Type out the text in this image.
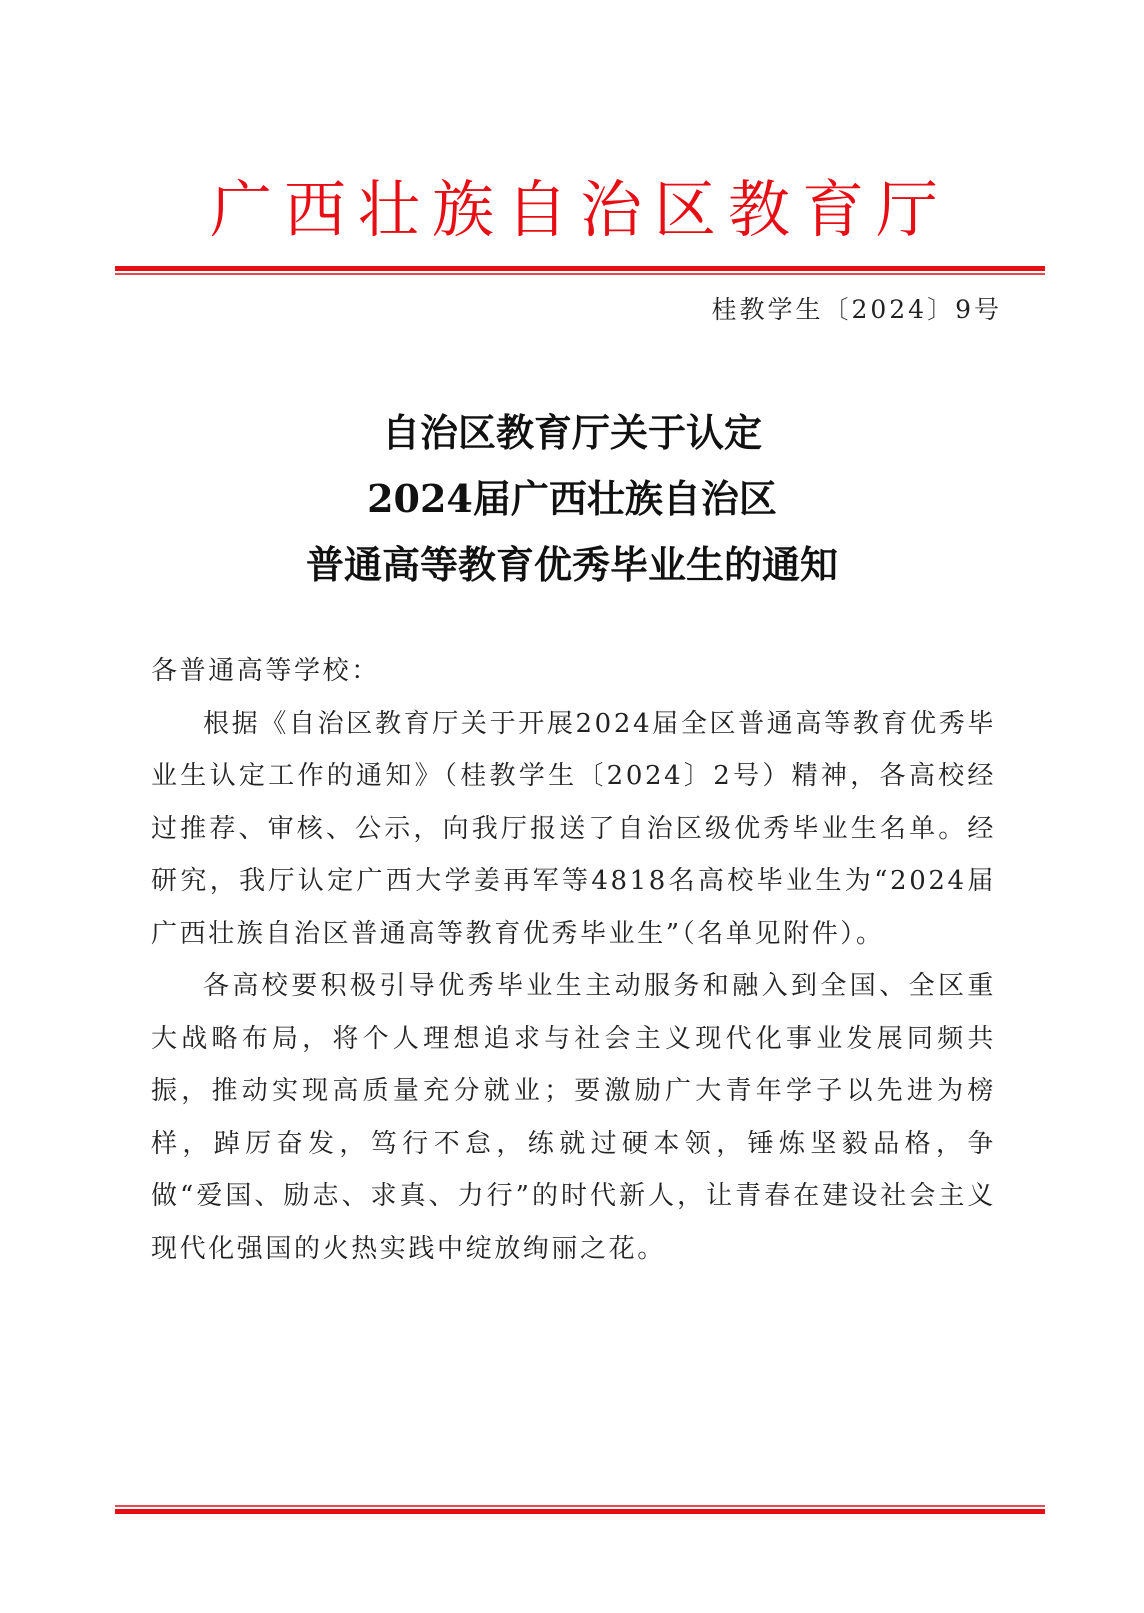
广西壮族自治区教育厅
桂教学生〔2024〕9号
自治区教育厅关于认定
2024届广西壮族自治区
普通高等教育优秀毕业生的通知

各普通高等学校：

根据《自治区教育厅关于开展2024届全区普通高等教育优秀毕业生认定工作的通知》（桂教学生〔2024〕2号）精神，各高校经过推荐、审核、公示，向我厅报送了自治区级优秀毕业生名单。经研究，我厅认定广西大学姜再军等4818名高校毕业生为“2024届广西壮族自治区普通高等教育优秀毕业生”（名单见附件）。

各高校要积极引导优秀毕业生主动服务和融入到全国、全区重大战略布局，将个人理想追求与社会主义现代化事业发展同频共振，推动实现高质量充分就业；要激励广大青年学子以先进为榜样，踔厉奋发，笃行不怠，练就过硬本领，锤炼坚毅品格，争做“爱国、励志、求真、力行”的时代新人，让青春在建设社会主义现代化强国的火热实践中绽放绚丽之花。
